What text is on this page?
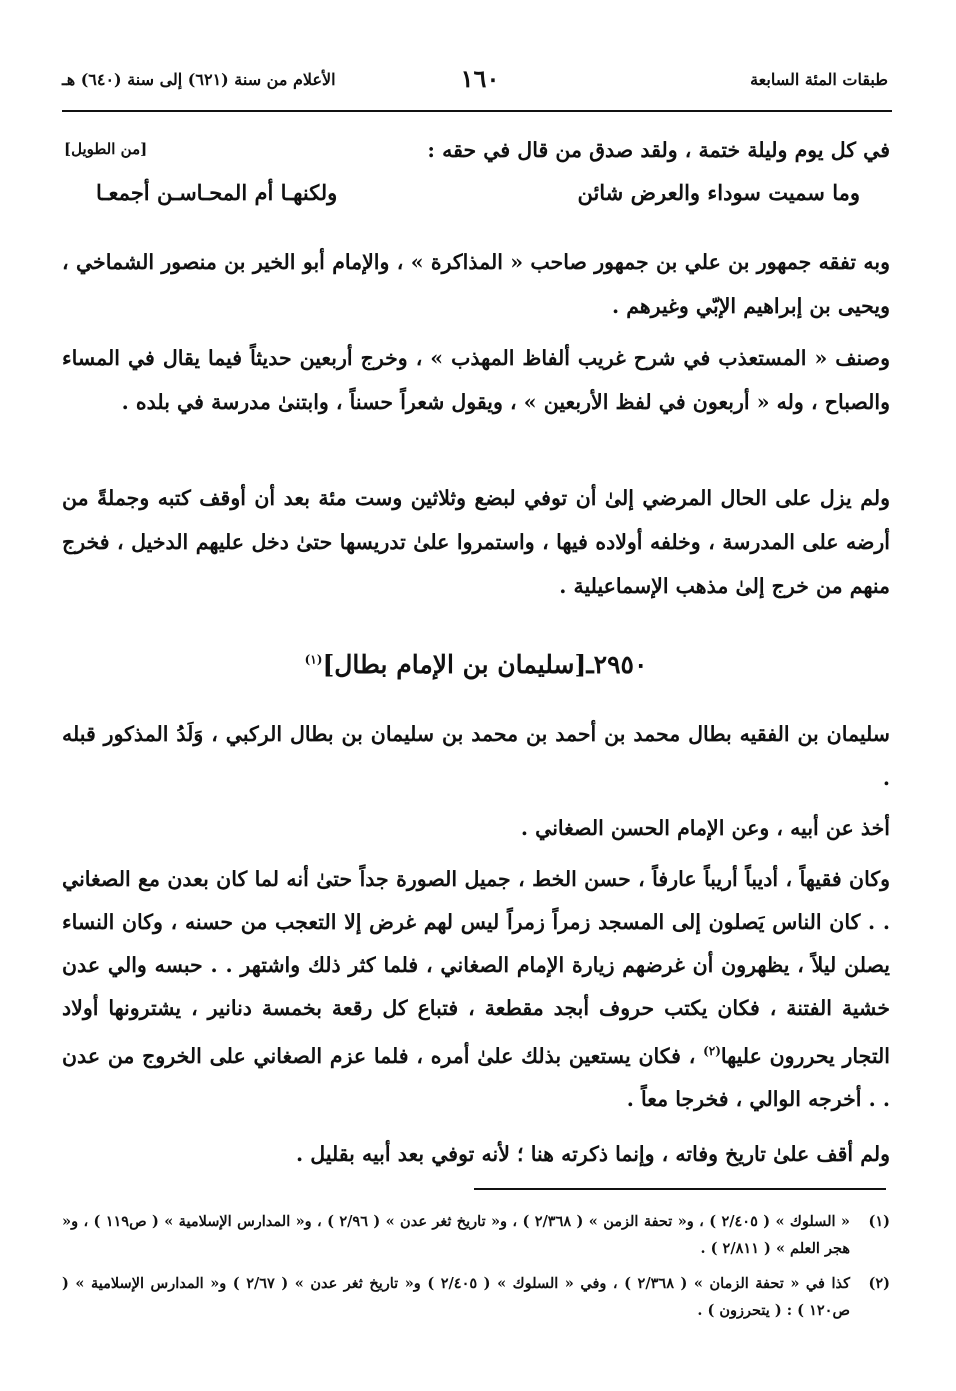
طبقات المئة السابعة
١٦٠
الأعلام من سنة (٦٢١) إلى سنة (٦٤٠) هـ
في كل يوم وليلة ختمة ، ولقد صدق من قال في حقه :
[من الطويل]
وما سميت سوداء والعرض شائن
ولكنهـا أم المحـاسـن أجمعـا
وبه تفقه جمهور بن علي بن جمهور صاحب « المذاكرة » ، والإمام أبو الخير بن منصور الشماخي ، ويحيى بن إبراهيم الإبّي وغيرهم .
وصنف « المستعذب في شرح غريب ألفاظ المهذب » ، وخرج أربعين حديثاً فيما يقال في المساء والصباح ، وله « أربعون في لفظ الأربعين » ، ويقول شعراً حسناً ، وابتنىٰ مدرسة في بلده .
ولم يزل على الحال المرضي إلىٰ أن توفي لبضع وثلاثين وست مئة بعد أن أوقف كتبه وجملةً من أرضه على المدرسة ، وخلفه أولاده فيها ، واستمروا علىٰ تدريسها حتىٰ دخل عليهم الدخيل ، فخرج منهم من خرج إلىٰ مذهب الإسماعيلية .
٢٩٥٠ـ[سليمان بن الإمام بطال]$^{(١)}$
سليمان بن الفقيه بطال محمد بن أحمد بن محمد بن سليمان بن بطال الركبي ، وَلَدُ المذكور قبله .
أخذ عن أبيه ، وعن الإمام الحسن الصغاني .
وكان فقيهاً ، أديباً أريباً عارفاً ، حسن الخط ، جميل الصورة جداً حتىٰ أنه لما كان بعدن مع الصغاني . . كان الناس يَصلون إلى المسجد زمراً زمراً ليس لهم غرض إلا التعجب من حسنه ، وكان النساء يصلن ليلاً ، يظهرون أن غرضهم زيارة الإمام الصغاني ، فلما كثر ذلك واشتهر . . حبسه والي عدن خشية الفتنة ، فكان يكتب حروف أبجد مقطعة ، فتباع كل رقعة بخمسة دنانير ، يشترونها أولاد التجار يحررون عليها$^{(٢)}$ ، فكان يستعين بذلك علىٰ أمره ، فلما عزم الصغاني على الخروج من عدن . . أخرجه الوالي ، فخرجا معاً .
ولم أقف علىٰ تاريخ وفاته ، وإنما ذكرته هنا ؛ لأنه توفي بعد أبيه بقليل .
(١)
« السلوك » ( ٢/٤٠٥ ) ، و« تحفة الزمن » ( ٢/٣٦٨ ) ، و« تاريخ ثغر عدن » ( ٢/٩٦ ) ، و« المدارس الإسلامية » ( ص١١٩ ) ، و« هجر العلم » ( ٢/٨١١ ) .
(٢)
كذا في « تحفة الزمان » ( ٢/٣٦٨ ) ، وفي « السلوك » ( ٢/٤٠٥ ) و« تاريخ ثغر عدن » ( ٢/٦٧ ) و« المدارس الإسلامية » ( ص١٢٠ ) : ( يتحرزون ) .
